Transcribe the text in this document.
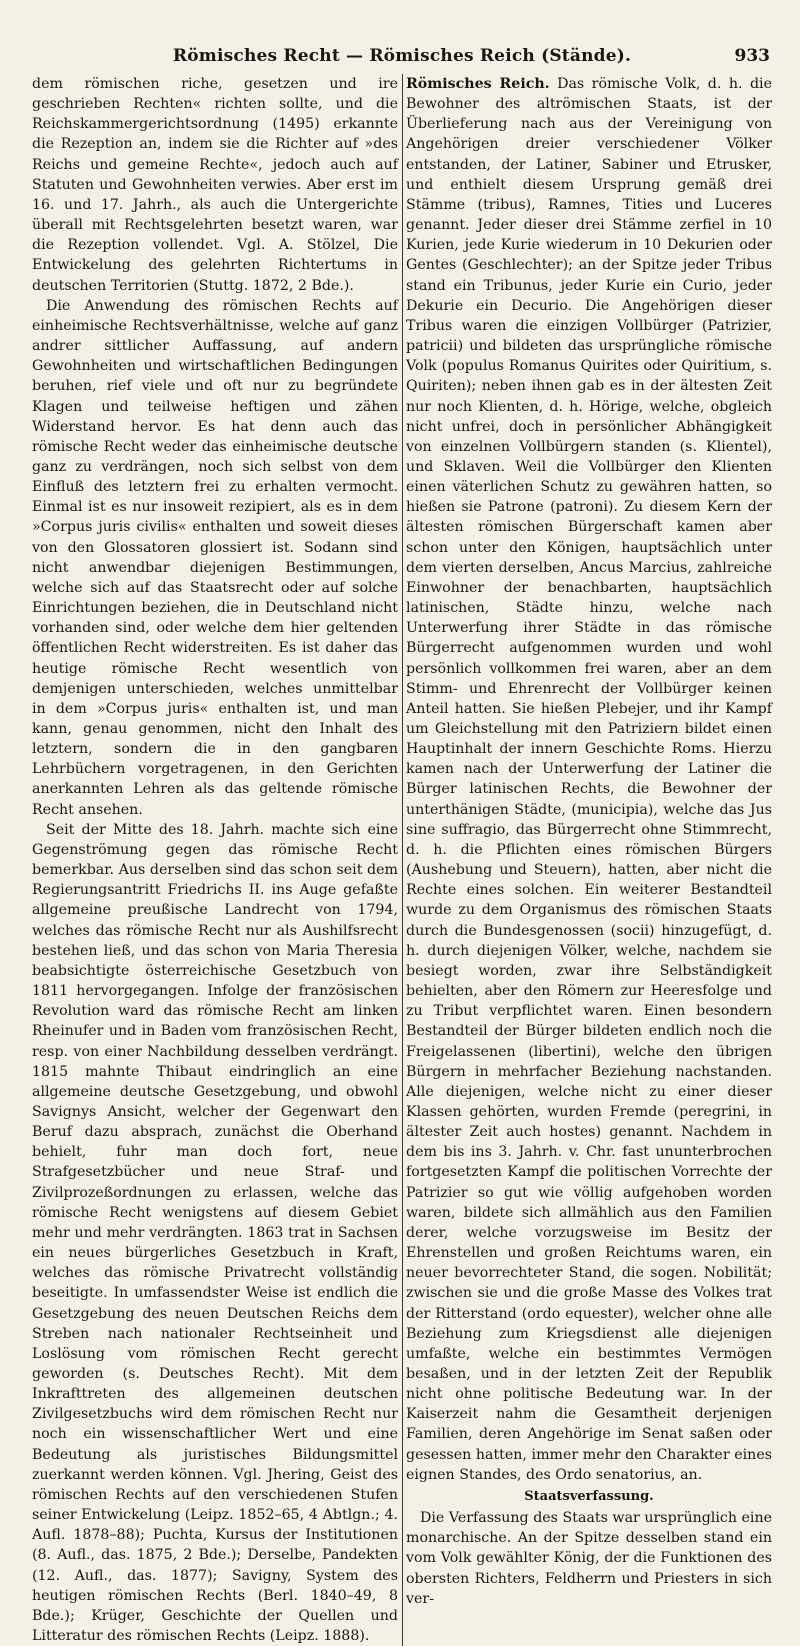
Römisches Recht — Römisches Reich (Stände).	933

dem römischen riche, gesetzen und ire geschrieben Rechten« richten sollte, und die Reichskammergerichtsordnung (1495) erkannte die Rezeption an, indem sie die Richter auf »des Reichs und gemeine Rechte«, jedoch auch auf Statuten und Gewohnheiten verwies. Aber erst im 16. und 17. Jahrh., als auch die Untergerichte überall mit Rechtsgelehrten besetzt waren, war die Rezeption vollendet. Vgl. A. Stölzel, Die Entwickelung des gelehrten Richtertums in deutschen Territorien (Stuttg. 1872, 2 Bde.).

Die Anwendung des römischen Rechts auf einheimische Rechtsverhältnisse, welche auf ganz andrer sittlicher Auffassung, auf andern Gewohnheiten und wirtschaftlichen Bedingungen beruhen, rief viele und oft nur zu begründete Klagen und teilweise heftigen und zähen Widerstand hervor. Es hat denn auch das römische Recht weder das einheimische deutsche ganz zu verdrängen, noch sich selbst von dem Einfluß des letztern frei zu erhalten vermocht. Einmal ist es nur insoweit rezipiert, als es in dem »Corpus juris civilis« enthalten und soweit dieses von den Glossatoren glossiert ist. Sodann sind nicht anwendbar diejenigen Bestimmungen, welche sich auf das Staatsrecht oder auf solche Einrichtungen beziehen, die in Deutschland nicht vorhanden sind, oder welche dem hier geltenden öffentlichen Recht widerstreiten. Es ist daher das heutige römische Recht wesentlich von demjenigen unterschieden, welches unmittelbar in dem »Corpus juris« enthalten ist, und man kann, genau genommen, nicht den Inhalt des letztern, sondern die in den gangbaren Lehrbüchern vorgetragenen, in den Gerichten anerkannten Lehren als das geltende römische Recht ansehen.

Seit der Mitte des 18. Jahrh. machte sich eine Gegenströmung gegen das römische Recht bemerkbar. Aus derselben sind das schon seit dem Regierungsantritt Friedrichs II. ins Auge gefaßte allgemeine preußische Landrecht von 1794, welches das römische Recht nur als Aushilfsrecht bestehen ließ, und das schon von Maria Theresia beabsichtigte österreichische Gesetzbuch von 1811 hervorgegangen. Infolge der französischen Revolution ward das römische Recht am linken Rheinufer und in Baden vom französischen Recht, resp. von einer Nachbildung desselben verdrängt. 1815 mahnte Thibaut eindringlich an eine allgemeine deutsche Gesetzgebung, und obwohl Savignys Ansicht, welcher der Gegenwart den Beruf dazu absprach, zunächst die Oberhand behielt, fuhr man doch fort, neue Strafgesetzbücher und neue Straf- und Zivilprozeßordnungen zu erlassen, welche das römische Recht wenigstens auf diesem Gebiet mehr und mehr verdrängten. 1863 trat in Sachsen ein neues bürgerliches Gesetzbuch in Kraft, welches das römische Privatrecht vollständig beseitigte. In umfassendster Weise ist endlich die Gesetzgebung des neuen Deutschen Reichs dem Streben nach nationaler Rechtseinheit und Loslösung vom römischen Recht gerecht geworden (s. Deutsches Recht). Mit dem Inkrafttreten des allgemeinen deutschen Zivilgesetzbuchs wird dem römischen Recht nur noch ein wissenschaftlicher Wert und eine Bedeutung als juristisches Bildungsmittel zuerkannt werden können. Vgl. Jhering, Geist des römischen Rechts auf den verschiedenen Stufen seiner Entwickelung (Leipz. 1852–65, 4 Abtlgn.; 4. Aufl. 1878–88); Puchta, Kursus der Institutionen (8. Aufl., das. 1875, 2 Bde.); Derselbe, Pandekten (12. Aufl., das. 1877); Savigny, System des heutigen römischen Rechts (Berl. 1840–49, 8 Bde.); Krüger, Geschichte der Quellen und Litteratur des römischen Rechts (Leipz. 1888).

Römisches Reich. Das römische Volk, d. h. die Bewohner des altrömischen Staats, ist der Überlieferung nach aus der Vereinigung von Angehörigen dreier verschiedener Völker entstanden, der Latiner, Sabiner und Etrusker, und enthielt diesem Ursprung gemäß drei Stämme (tribus), Ramnes, Tities und Luceres genannt. Jeder dieser drei Stämme zerfiel in 10 Kurien, jede Kurie wiederum in 10 Dekurien oder Gentes (Geschlechter); an der Spitze jeder Tribus stand ein Tribunus, jeder Kurie ein Curio, jeder Dekurie ein Decurio. Die Angehörigen dieser Tribus waren die einzigen Vollbürger (Patrizier, patricii) und bildeten das ursprüngliche römische Volk (populus Romanus Quirites oder Quiritium, s. Quiriten); neben ihnen gab es in der ältesten Zeit nur noch Klienten, d. h. Hörige, welche, obgleich nicht unfrei, doch in persönlicher Abhängigkeit von einzelnen Vollbürgern standen (s. Klientel), und Sklaven. Weil die Vollbürger den Klienten einen väterlichen Schutz zu gewähren hatten, so hießen sie Patrone (patroni). Zu diesem Kern der ältesten römischen Bürgerschaft kamen aber schon unter den Königen, hauptsächlich unter dem vierten derselben, Ancus Marcius, zahlreiche Einwohner der benachbarten, hauptsächlich latinischen, Städte hinzu, welche nach Unterwerfung ihrer Städte in das römische Bürgerrecht aufgenommen wurden und wohl persönlich vollkommen frei waren, aber an dem Stimm- und Ehrenrecht der Vollbürger keinen Anteil hatten. Sie hießen Plebejer, und ihr Kampf um Gleichstellung mit den Patriziern bildet einen Hauptinhalt der innern Geschichte Roms. Hierzu kamen nach der Unterwerfung der Latiner die Bürger latinischen Rechts, die Bewohner der unterthänigen Städte, (municipia), welche das Jus sine suffragio, das Bürgerrecht ohne Stimmrecht, d. h. die Pflichten eines römischen Bürgers (Aushebung und Steuern), hatten, aber nicht die Rechte eines solchen. Ein weiterer Bestandteil wurde zu dem Organismus des römischen Staats durch die Bundesgenossen (socii) hinzugefügt, d. h. durch diejenigen Völker, welche, nachdem sie besiegt worden, zwar ihre Selbständigkeit behielten, aber den Römern zur Heeresfolge und zu Tribut verpflichtet waren. Einen besondern Bestandteil der Bürger bildeten endlich noch die Freigelassenen (libertini), welche den übrigen Bürgern in mehrfacher Beziehung nachstanden. Alle diejenigen, welche nicht zu einer dieser Klassen gehörten, wurden Fremde (peregrini, in ältester Zeit auch hostes) genannt. Nachdem in dem bis ins 3. Jahrh. v. Chr. fast ununterbrochen fortgesetzten Kampf die politischen Vorrechte der Patrizier so gut wie völlig aufgehoben worden waren, bildete sich allmählich aus den Familien derer, welche vorzugsweise im Besitz der Ehrenstellen und großen Reichtums waren, ein neuer bevorrechteter Stand, die sogen. Nobilität; zwischen sie und die große Masse des Volkes trat der Ritterstand (ordo equester), welcher ohne alle Beziehung zum Kriegsdienst alle diejenigen umfaßte, welche ein bestimmtes Vermögen besaßen, und in der letzten Zeit der Republik nicht ohne politische Bedeutung war. In der Kaiserzeit nahm die Gesamtheit derjenigen Familien, deren Angehörige im Senat saßen oder gesessen hatten, immer mehr den Charakter eines eignen Standes, des Ordo senatorius, an.

Staatsverfassung.

Die Verfassung des Staats war ursprünglich eine monarchische. An der Spitze desselben stand ein vom Volk gewählter König, der die Funktionen des obersten Richters, Feldherrn und Priesters in sich ver-
